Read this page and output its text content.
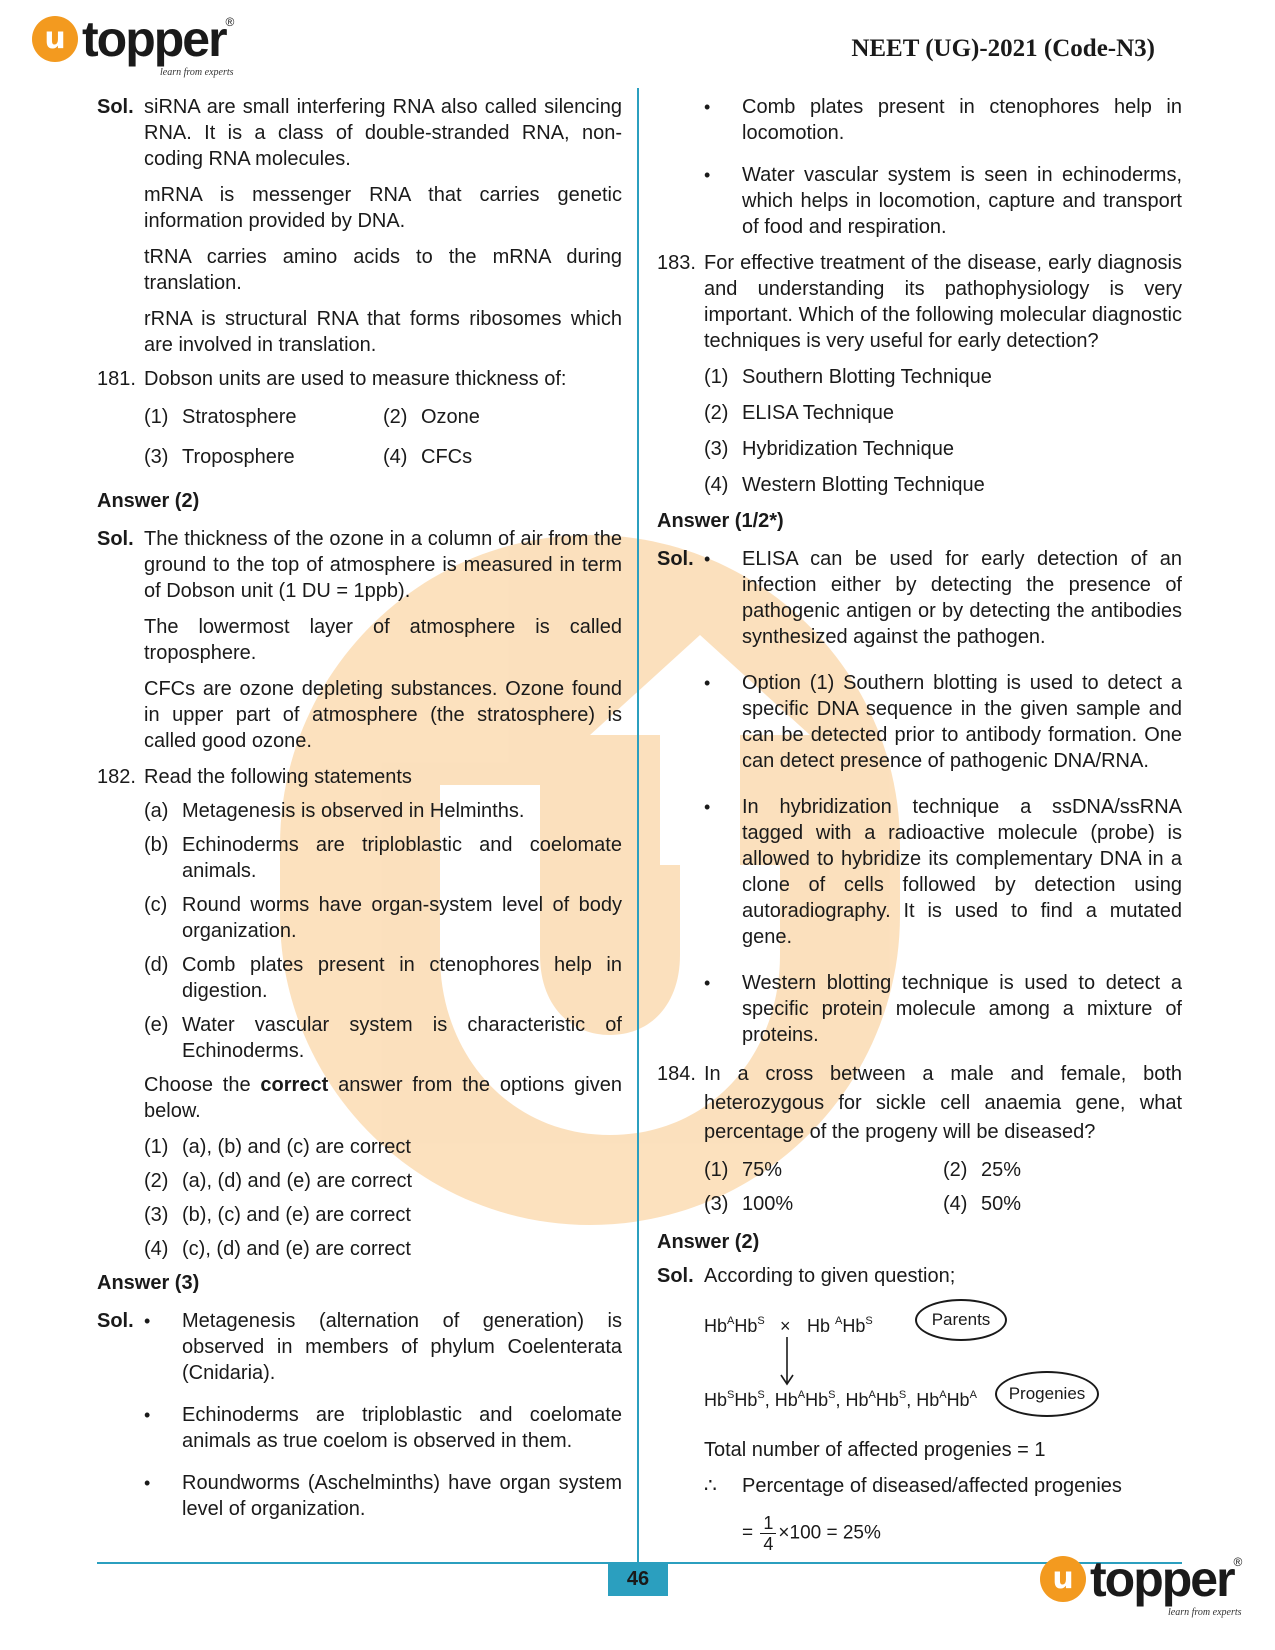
u topper ®
learn from experts
NEET (UG)-2021 (Code-N3)
Sol. siRNA are small interfering RNA also called silencing RNA. It is a class of double-stranded RNA, non-coding RNA molecules.
mRNA is messenger RNA that carries genetic information provided by DNA.
tRNA carries amino acids to the mRNA during translation.
rRNA is structural RNA that forms ribosomes which are involved in translation.
181. Dobson units are used to measure thickness of:
(1) Stratosphere	(2) Ozone
(3) Troposphere	(4) CFCs
Answer (2)
Sol. The thickness of the ozone in a column of air from the ground to the top of atmosphere is measured in term of Dobson unit (1 DU = 1ppb).
The lowermost layer of atmosphere is called troposphere.
CFCs are ozone depleting substances. Ozone found in upper part of atmosphere (the stratosphere) is called good ozone.
182. Read the following statements
(a) Metagenesis is observed in Helminths.
(b) Echinoderms are triploblastic and coelomate animals.
(c) Round worms have organ-system level of body organization.
(d) Comb plates present in ctenophores help in digestion.
(e) Water vascular system is characteristic of Echinoderms.
Choose the correct answer from the options given below.
(1) (a), (b) and (c) are correct
(2) (a), (d) and (e) are correct
(3) (b), (c) and (e) are correct
(4) (c), (d) and (e) are correct
Answer (3)
Sol. •	Metagenesis (alternation of generation) is observed in members of phylum Coelenterata (Cnidaria).
•	Echinoderms are triploblastic and coelomate animals as true coelom is observed in them.
•	Roundworms (Aschelminths) have organ system level of organization.
•	Comb plates present in ctenophores help in locomotion.
•	Water vascular system is seen in echinoderms, which helps in locomotion, capture and transport of food and respiration.
183. For effective treatment of the disease, early diagnosis and understanding its pathophysiology is very important. Which of the following molecular diagnostic techniques is very useful for early detection?
(1) Southern Blotting Technique
(2) ELISA Technique
(3) Hybridization Technique
(4) Western Blotting Technique
Answer (1/2*)
Sol. •	ELISA can be used for early detection of an infection either by detecting the presence of pathogenic antigen or by detecting the antibodies synthesized against the pathogen.
•	Option (1) Southern blotting is used to detect a specific DNA sequence in the given sample and can be detected prior to antibody formation. One can detect presence of pathogenic DNA/RNA.
•	In hybridization technique a ssDNA/ssRNA tagged with a radioactive molecule (probe) is allowed to hybridize its complementary DNA in a clone of cells followed by detection using autoradiography. It is used to find a mutated gene.
•	Western blotting technique is used to detect a specific protein molecule among a mixture of proteins.
184. In a cross between a male and female, both heterozygous for sickle cell anaemia gene, what percentage of the progeny will be diseased?
(1) 75%	(2) 25%
(3) 100%	(4) 50%
Answer (2)
Sol. According to given question;
$Hb^AHb^S \times Hb$ $^AHb^S$	Parents
$Hb^SHb^S$, $Hb^AHb^S$, $Hb^AHb^S$, $Hb^AHb^A$	Progenies
Total number of affected progenies = 1
∴	Percentage of diseased/affected progenies
= $\frac{1}{4} \times 100 = 25\%$
46	u topper ®
learn from experts
